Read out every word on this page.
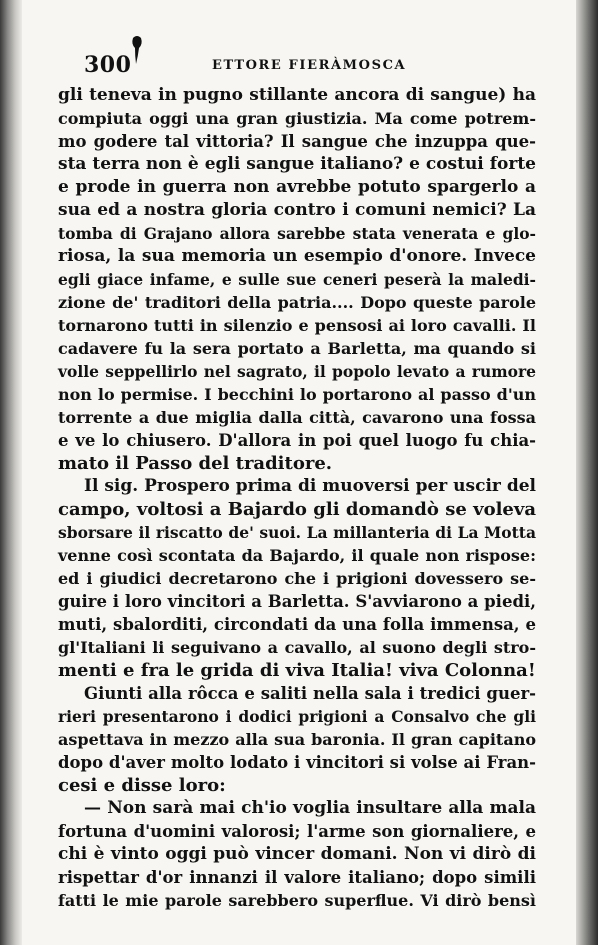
300	ETTORE FIERÀMOSCA
gli teneva in pugno stillante ancora di sangue) ha
compiuta oggi una gran giustizia. Ma come potrem-
mo godere tal vittoria? Il sangue che inzuppa que-
sta terra non è egli sangue italiano? e costui forte
e prode in guerra non avrebbe potuto spargerlo a
sua ed a nostra gloria contro i comuni nemici? La
tomba di Grajano allora sarebbe stata venerata e glo-
riosa, la sua memoria un esempio d'onore. Invece
egli giace infame, e sulle sue ceneri peserà la maledi-
zione de' traditori della patria.... Dopo queste parole
tornarono tutti in silenzio e pensosi ai loro cavalli. Il
cadavere fu la sera portato a Barletta, ma quando si
volle seppellirlo nel sagrato, il popolo levato a rumore
non lo permise. I becchini lo portarono al passo d'un
torrente a due miglia dalla città, cavarono una fossa
e ve lo chiusero. D'allora in poi quel luogo fu chia-
mato il Passo del traditore.
Il sig. Prospero prima di muoversi per uscir del
campo, voltosi a Bajardo gli domandò se voleva
sborsare il riscatto de' suoi. La millanteria di La Motta
venne così scontata da Bajardo, il quale non rispose:
ed i giudici decretarono che i prigioni dovessero se-
guire i loro vincitori a Barletta. S'avviarono a piedi,
muti, sbalorditi, circondati da una folla immensa, e
gl'Italiani li seguivano a cavallo, al suono degli stro-
menti e fra le grida di viva Italia! viva Colonna!
Giunti alla rôcca e saliti nella sala i tredici guer-
rieri presentarono i dodici prigioni a Consalvo che gli
aspettava in mezzo alla sua baronia. Il gran capitano
dopo d'aver molto lodato i vincitori si volse ai Fran-
cesi e disse loro:
— Non sarà mai ch'io voglia insultare alla mala
fortuna d'uomini valorosi; l'arme son giornaliere, e
chi è vinto oggi può vincer domani. Non vi dirò di
rispettar d'or innanzi il valore italiano; dopo simili
fatti le mie parole sarebbero superflue. Vi dirò bensì
